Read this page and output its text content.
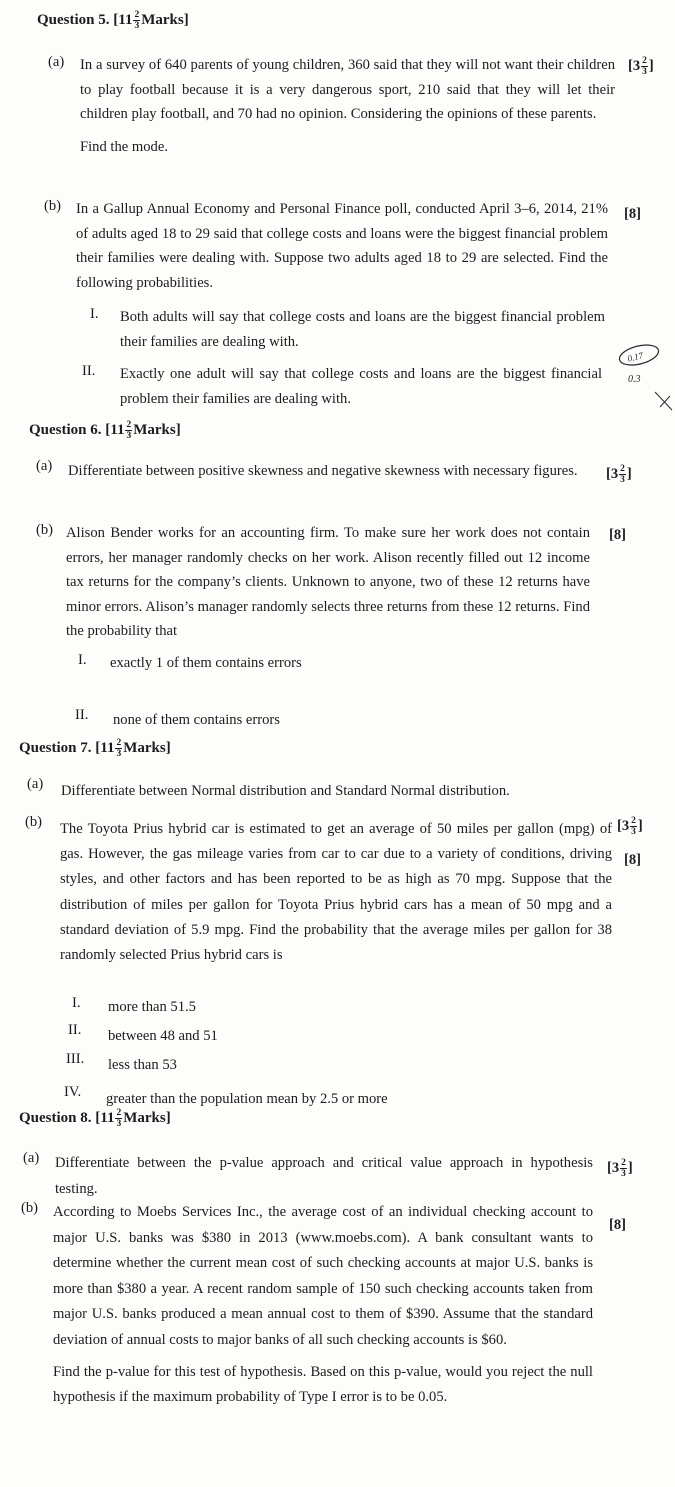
Question 5. [$11 \frac{2}{3}$ Marks]
(a) In a survey of 640 parents of young children, 360 said that they will not want their children to play football because it is a very dangerous sport, 210 said that they will let their children play football, and 70 had no opinion. Considering the opinions of these parents.
Find the mode.
[$3 \frac{2}{3}$ ]
(b) In a Gallup Annual Economy and Personal Finance poll, conducted April 3–6, 2014, 21% of adults aged 18 to 29 said that college costs and loans were the biggest financial problem their families were dealing with. Suppose two adults aged 18 to 29 are selected. Find the following probabilities.
[8]
I. Both adults will say that college costs and loans are the biggest financial problem their families are dealing with.
II. Exactly one adult will say that college costs and loans are the biggest financial problem their families are dealing with.
0.17
0.3
Question 6. [$11 \frac{2}{3}$ Marks]
(a) Differentiate between positive skewness and negative skewness with necessary figures.	[$3 \frac{2}{3}$ ]
(b) Alison Bender works for an accounting firm. To make sure her work does not contain errors, her manager randomly checks on her work. Alison recently filled out 12 income tax returns for the company’s clients. Unknown to anyone, two of these 12 returns have minor errors. Alison’s manager randomly selects three returns from these 12 returns. Find the probability that
[8]
I. exactly 1 of them contains errors
II. none of them contains errors
Question 7. [$11 \frac{2}{3}$ Marks]
(a) Differentiate between Normal distribution and Standard Normal distribution.
[$3 \frac{2}{3}$ ]
(b) The Toyota Prius hybrid car is estimated to get an average of 50 miles per gallon (mpg) of gas. However, the gas mileage varies from car to car due to a variety of conditions, driving styles, and other factors and has been reported to be as high as 70 mpg. Suppose that the distribution of miles per gallon for Toyota Prius hybrid cars has a mean of 50 mpg and a standard deviation of 5.9 mpg. Find the probability that the average miles per gallon for 38 randomly selected Prius hybrid cars is
[8]
I. more than 51.5
II. between 48 and 51
III. less than 53
IV. greater than the population mean by 2.5 or more
Question 8. [$11 \frac{2}{3}$ Marks]
(a) Differentiate between the p-value approach and critical value approach in hypothesis testing.
[$3 \frac{2}{3}$ ]
(b) According to Moebs Services Inc., the average cost of an individual checking account to major U.S. banks was $380 in 2013 (www.moebs.com). A bank consultant wants to determine whether the current mean cost of such checking accounts at major U.S. banks is more than $380 a year. A recent random sample of 150 such checking accounts taken from major U.S. banks produced a mean annual cost to them of $390. Assume that the standard deviation of annual costs to major banks of all such checking accounts is $60.
Find the p-value for this test of hypothesis. Based on this p-value, would you reject the null hypothesis if the maximum probability of Type I error is to be 0.05.
[8]
